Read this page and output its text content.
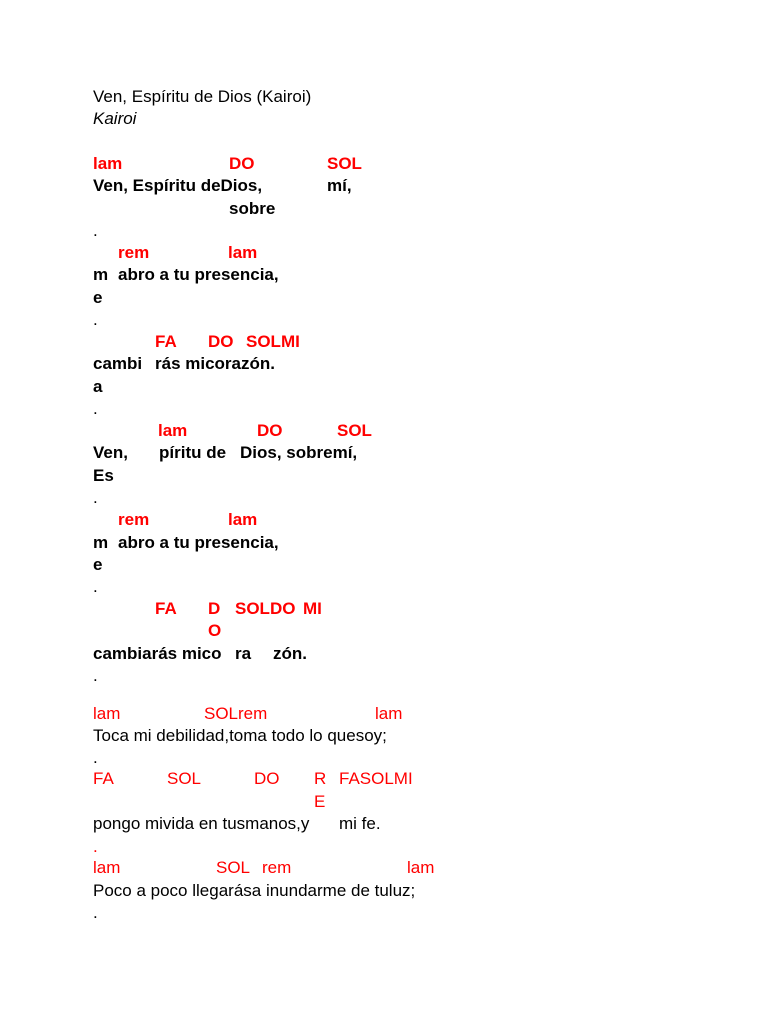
Ven, Espíritu de Dios (Kairoi)
Kairoi
lam	DO	SOL
Ven, Espíritu deDios,	mí,
sobre
.
rem	lam
m abro a tu presencia,
e
.
FA DO SOLMI
cambi rás micorazón.
a
.
lam	DO	SOL
Ven, píritu de Dios, sobremí,
Es
.
rem	lam
m abro a tu presencia,
e
.
FA D SOLDO MI
O
cambiarás mico ra zón.
.
lam	SOLrem	lam
Toca mi debilidad,toma todo lo quesoy;
.
FA	SOL	DO R FASOLMI
E
pongo mivida en tusmanos,y mi fe.
.
lam	SOL rem	lam
Poco a poco llegarása inundarme de tuluz;
.
